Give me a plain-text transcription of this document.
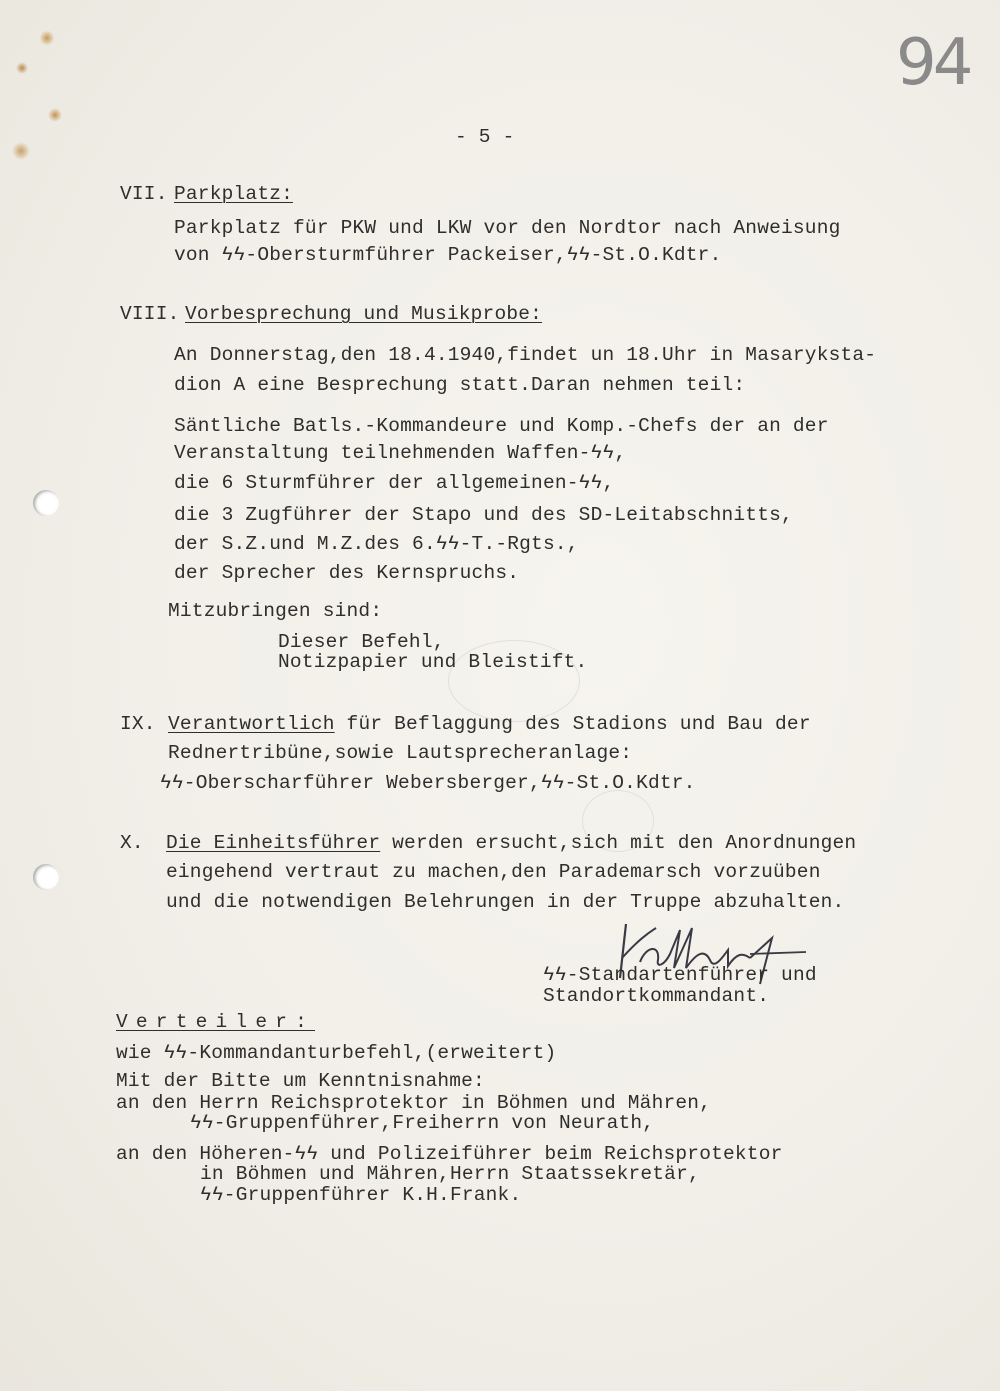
94
- 5 -
VII. Parkplatz:
Parkplatz für PKW und LKW vor den Nordtor nach Anweisung
von ϟϟ-Obersturmführer Packeiser,ϟϟ-St.O.Kdtr.
VIII. Vorbesprechung und Musikprobe:
An Donnerstag,den 18.4.1940,findet un 18.Uhr in Masaryksta-
dion A eine Besprechung statt.Daran nehmen teil:
Säntliche Batls.-Kommandeure und Komp.-Chefs der an der
Veranstaltung teilnehmenden Waffen-ϟϟ,
die 6 Sturmführer der allgemeinen-ϟϟ,
die 3 Zugführer der Stapo und des SD-Leitabschnitts,
der S.Z.und M.Z.des 6.ϟϟ-T.-Rgts.,
der Sprecher des Kernspruchs.
Mitzubringen sind:
Dieser Befehl,
Notizpapier und Bleistift.
IX. Verantwortlich für Beflaggung des Stadions und Bau der
Rednertribüne,sowie Lautsprecheranlage:
ϟϟ-Oberscharführer Webersberger,ϟϟ-St.O.Kdtr.
X. Die Einheitsführer werden ersucht,sich mit den Anordnungen
eingehend vertraut zu machen,den Parademarsch vorzuüben
und die notwendigen Belehrungen in der Truppe abzuhalten.
ϟϟ-Standartenführer und
Standortkommandant.
Verteiler:
wie ϟϟ-Kommandanturbefehl,(erweitert)
Mit der Bitte um Kenntnisnahme:
an den Herrn Reichsprotektor in Böhmen und Mähren,
ϟϟ-Gruppenführer,Freiherrn von Neurath,
an den Höheren-ϟϟ und Polizeiführer beim Reichsprotektor
in Böhmen und Mähren,Herrn Staatssekretär,
ϟϟ-Gruppenführer K.H.Frank.
